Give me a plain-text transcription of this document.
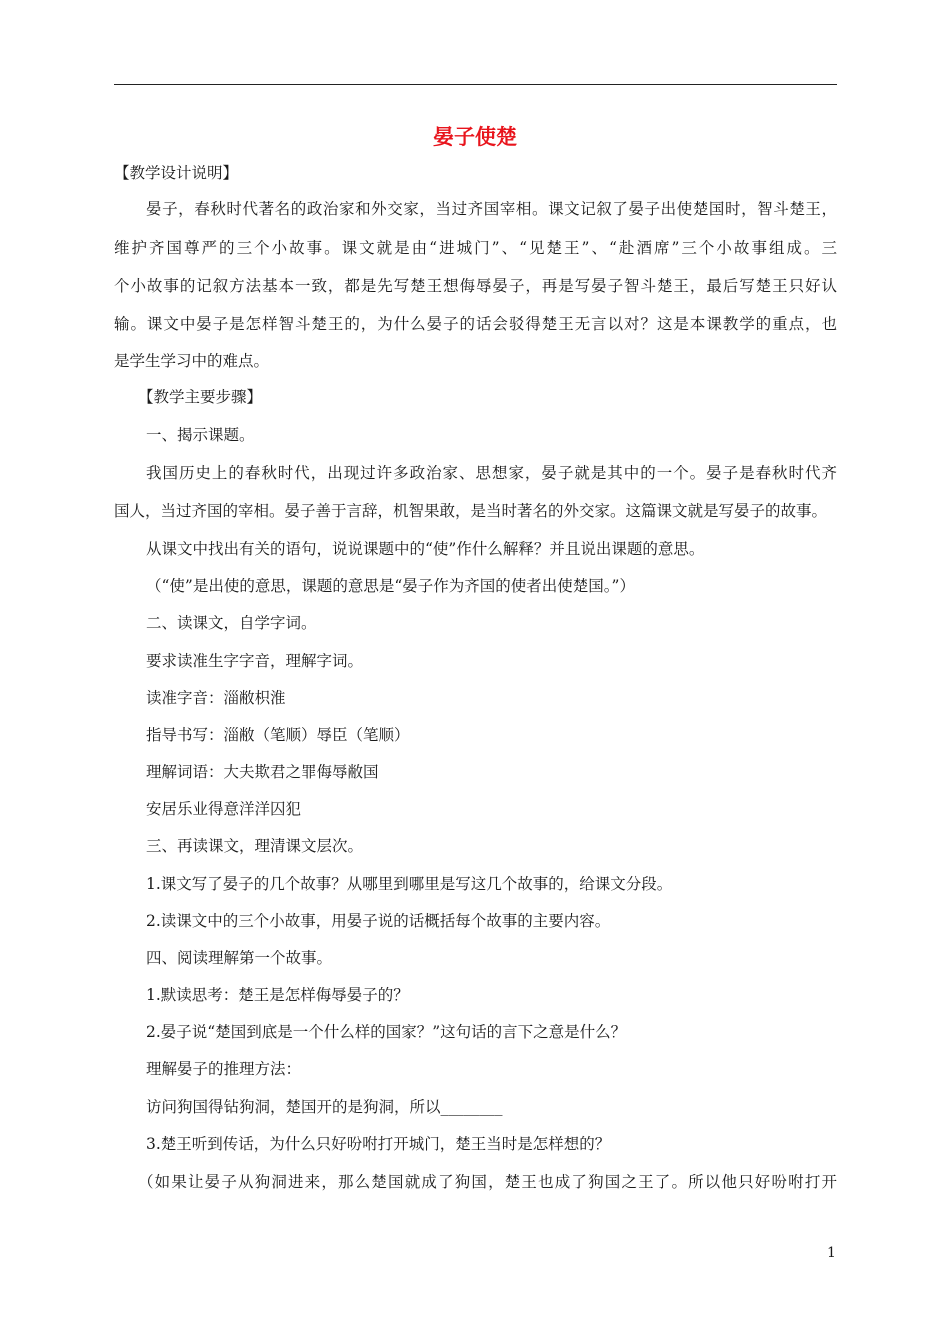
晏子使楚
【教学设计说明】
晏子，春秋时代著名的政治家和外交家，当过齐国宰相。课文记叙了晏子出使楚国时，智斗楚王，
维护齐国尊严的三个小故事。课文就是由“进城门”、“见楚王”、“赴酒席”三个小故事组成。三
个小故事的记叙方法基本一致，都是先写楚王想侮辱晏子，再是写晏子智斗楚王，最后写楚王只好认
输。课文中晏子是怎样智斗楚王的，为什么晏子的话会驳得楚王无言以对？这是本课教学的重点，也
是学生学习中的难点。
【教学主要步骤】
一、揭示课题。
我国历史上的春秋时代，出现过许多政治家、思想家，晏子就是其中的一个。晏子是春秋时代齐
国人，当过齐国的宰相。晏子善于言辞，机智果敢，是当时著名的外交家。这篇课文就是写晏子的故事。
从课文中找出有关的语句，说说课题中的“使”作什么解释？并且说出课题的意思。
（“使”是出使的意思，课题的意思是“晏子作为齐国的使者出使楚国。”）
二、读课文，自学字词。
要求读准生字字音，理解字词。
读准字音：淄敝枳淮
指导书写：淄敝（笔顺）辱臣（笔顺）
理解词语：大夫欺君之罪侮辱敝国
安居乐业得意洋洋囚犯
三、再读课文，理清课文层次。
1.课文写了晏子的几个故事？从哪里到哪里是写这几个故事的，给课文分段。
2.读课文中的三个小故事，用晏子说的话概括每个故事的主要内容。
四、阅读理解第一个故事。
1.默读思考：楚王是怎样侮辱晏子的？
2.晏子说“楚国到底是一个什么样的国家？”这句话的言下之意是什么？
理解晏子的推理方法：
访问狗国得钻狗洞，楚国开的是狗洞，所以________
3.楚王听到传话，为什么只好吩咐打开城门，楚王当时是怎样想的？
（如果让晏子从狗洞进来，那么楚国就成了狗国，楚王也成了狗国之王了。所以他只好吩咐打开
1
